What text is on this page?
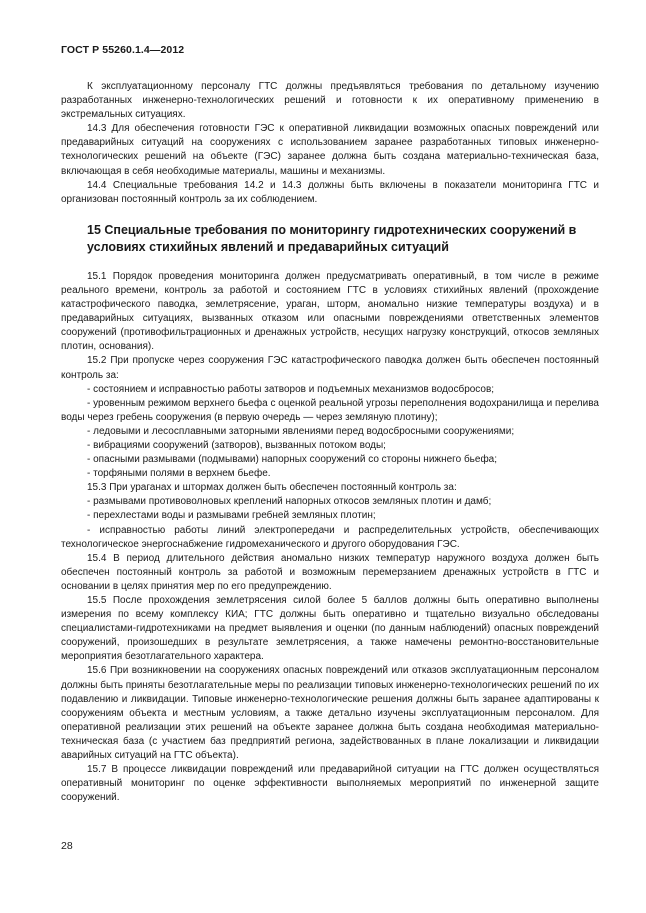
ГОСТ Р 55260.1.4—2012

К эксплуатационному персоналу ГТС должны предъявляться требования по детальному изучению разработанных инженерно-технологических решений и готовности к их оперативному применению в экстремальных ситуациях.

14.3 Для обеспечения готовности ГЭС к оперативной ликвидации возможных опасных повреждений или предаварийных ситуаций на сооружениях с использованием заранее разработанных типовых инженерно-технологических решений на объекте (ГЭС) заранее должна быть создана материально-техническая база, включающая в себя необходимые материалы, машины и механизмы.

14.4 Специальные требования 14.2 и 14.3 должны быть включены в показатели мониторинга ГТС и организован постоянный контроль за их соблюдением.

15 Специальные требования по мониторингу гидротехнических сооружений в условиях стихийных явлений и предаварийных ситуаций

15.1 Порядок проведения мониторинга должен предусматривать оперативный, в том числе в режиме реального времени, контроль за работой и состоянием ГТС в условиях стихийных явлений (прохождение катастрофического паводка, землетрясение, ураган, шторм, аномально низкие температуры воздуха) и в предаварийных ситуациях, вызванных отказом или опасными повреждениями ответственных элементов сооружений (противофильтрационных и дренажных устройств, несущих нагрузку конструкций, откосов земляных плотин, основания).

15.2 При пропуске через сооружения ГЭС катастрофического паводка должен быть обеспечен постоянный контроль за:

- состоянием и исправностью работы затворов и подъемных механизмов водосбросов;

- уровенным режимом верхнего бьефа с оценкой реальной угрозы переполнения водохранилища и перелива воды через гребень сооружения (в первую очередь — через земляную плотину);

- ледовыми и лесосплавными заторными явлениями перед водосбросными сооружениями;

- вибрациями сооружений (затворов), вызванных потоком воды;

- опасными размывами (подмывами) напорных сооружений со стороны нижнего бьефа;

- торфяными полями в верхнем бьефе.

15.3 При ураганах и штормах должен быть обеспечен постоянный контроль за:

- размывами противоволновых креплений напорных откосов земляных плотин и дамб;

- перехлестами воды и размывами гребней земляных плотин;

- исправностью работы линий электропередачи и распределительных устройств, обеспечивающих технологическое энергоснабжение гидромеханического и другого оборудования ГЭС.

15.4 В период длительного действия аномально низких температур наружного воздуха должен быть обеспечен постоянный контроль за работой и возможным перемерзанием дренажных устройств в ГТС и основании в целях принятия мер по его предупреждению.

15.5 После прохождения землетрясения силой более 5 баллов должны быть оперативно выполнены измерения по всему комплексу КИА; ГТС должны быть оперативно и тщательно визуально обследованы специалистами-гидротехниками на предмет выявления и оценки (по данным наблюдений) опасных повреждений сооружений, произошедших в результате землетрясения, а также намечены ремонтно-восстановительные мероприятия безотлагательного характера.

15.6 При возникновении на сооружениях опасных повреждений или отказов эксплуатационным персоналом должны быть приняты безотлагательные меры по реализации типовых инженерно-технологических решений по их подавлению и ликвидации. Типовые инженерно-технологические решения должны быть заранее адаптированы к сооружениям объекта и местным условиям, а также детально изучены эксплуатационным персоналом. Для оперативной реализации этих решений на объекте заранее должна быть создана необходимая материально-техническая база (с участием баз предприятий региона, задействованных в плане локализации и ликвидации аварийных ситуаций на ГТС объекта).

15.7 В процессе ликвидации повреждений или предаварийной ситуации на ГТС должен осуществляться оперативный мониторинг по оценке эффективности выполняемых мероприятий по инженерной защите сооружений.

28
